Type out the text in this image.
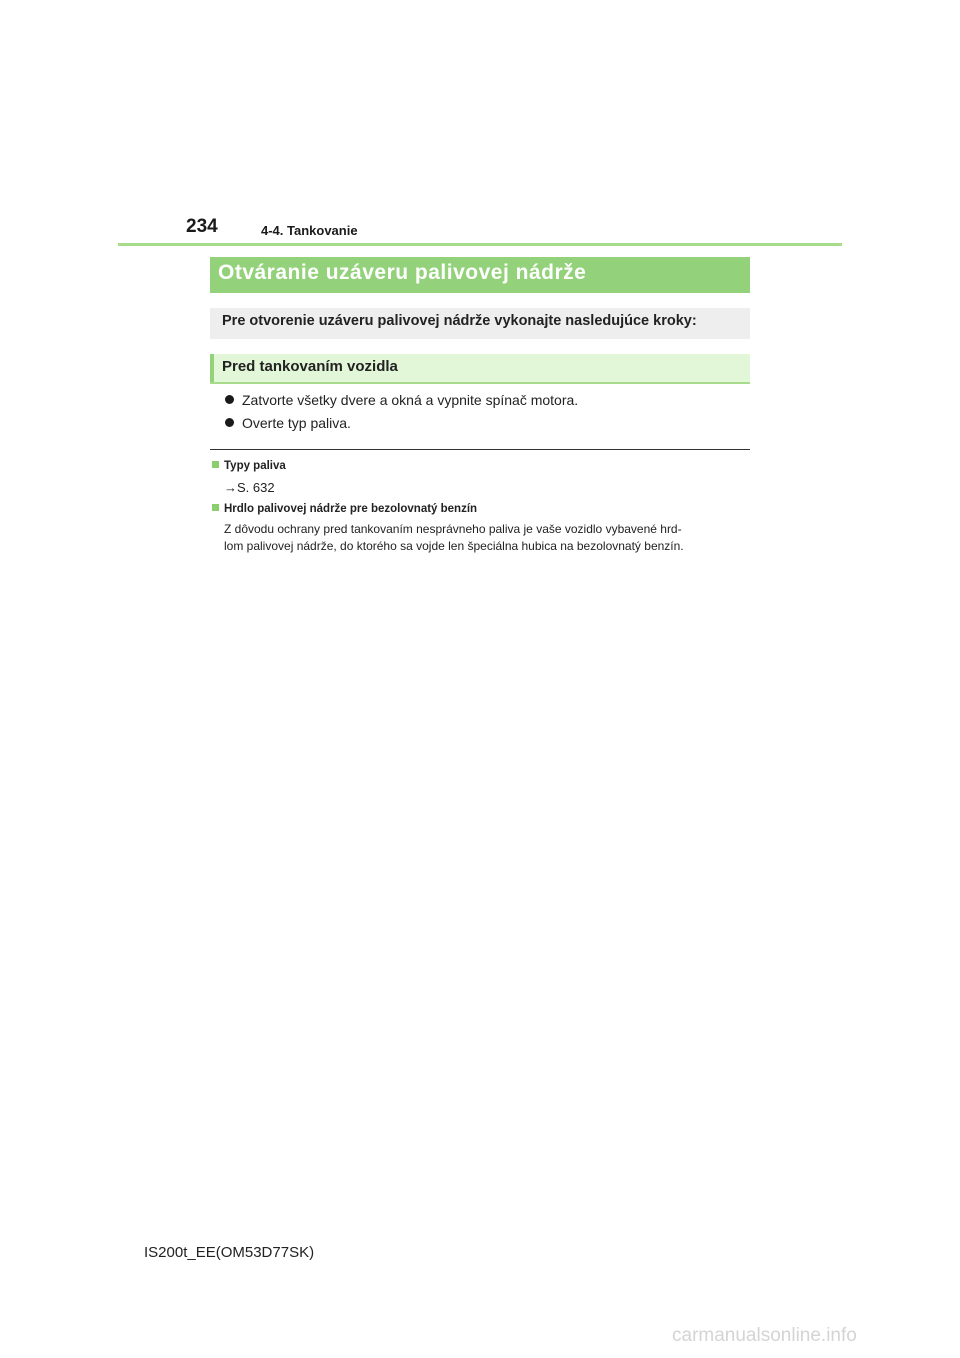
234	4-4. Tankovanie
Otváranie uzáveru palivovej nádrže
Pre otvorenie uzáveru palivovej nádrže vykonajte nasledujúce kroky:
Pred tankovaním vozidla
Zatvorte všetky dvere a okná a vypnite spínač motora.
Overte typ paliva.
Typy paliva
→S. 632
Hrdlo palivovej nádrže pre bezolovnatý benzín
Z dôvodu ochrany pred tankovaním nesprávneho paliva je vaše vozidlo vybavené hrd-
lom palivovej nádrže, do ktorého sa vojde len špeciálna hubica na bezolovnatý benzín.
IS200t_EE(OM53D77SK)
carmanualsonline.info
